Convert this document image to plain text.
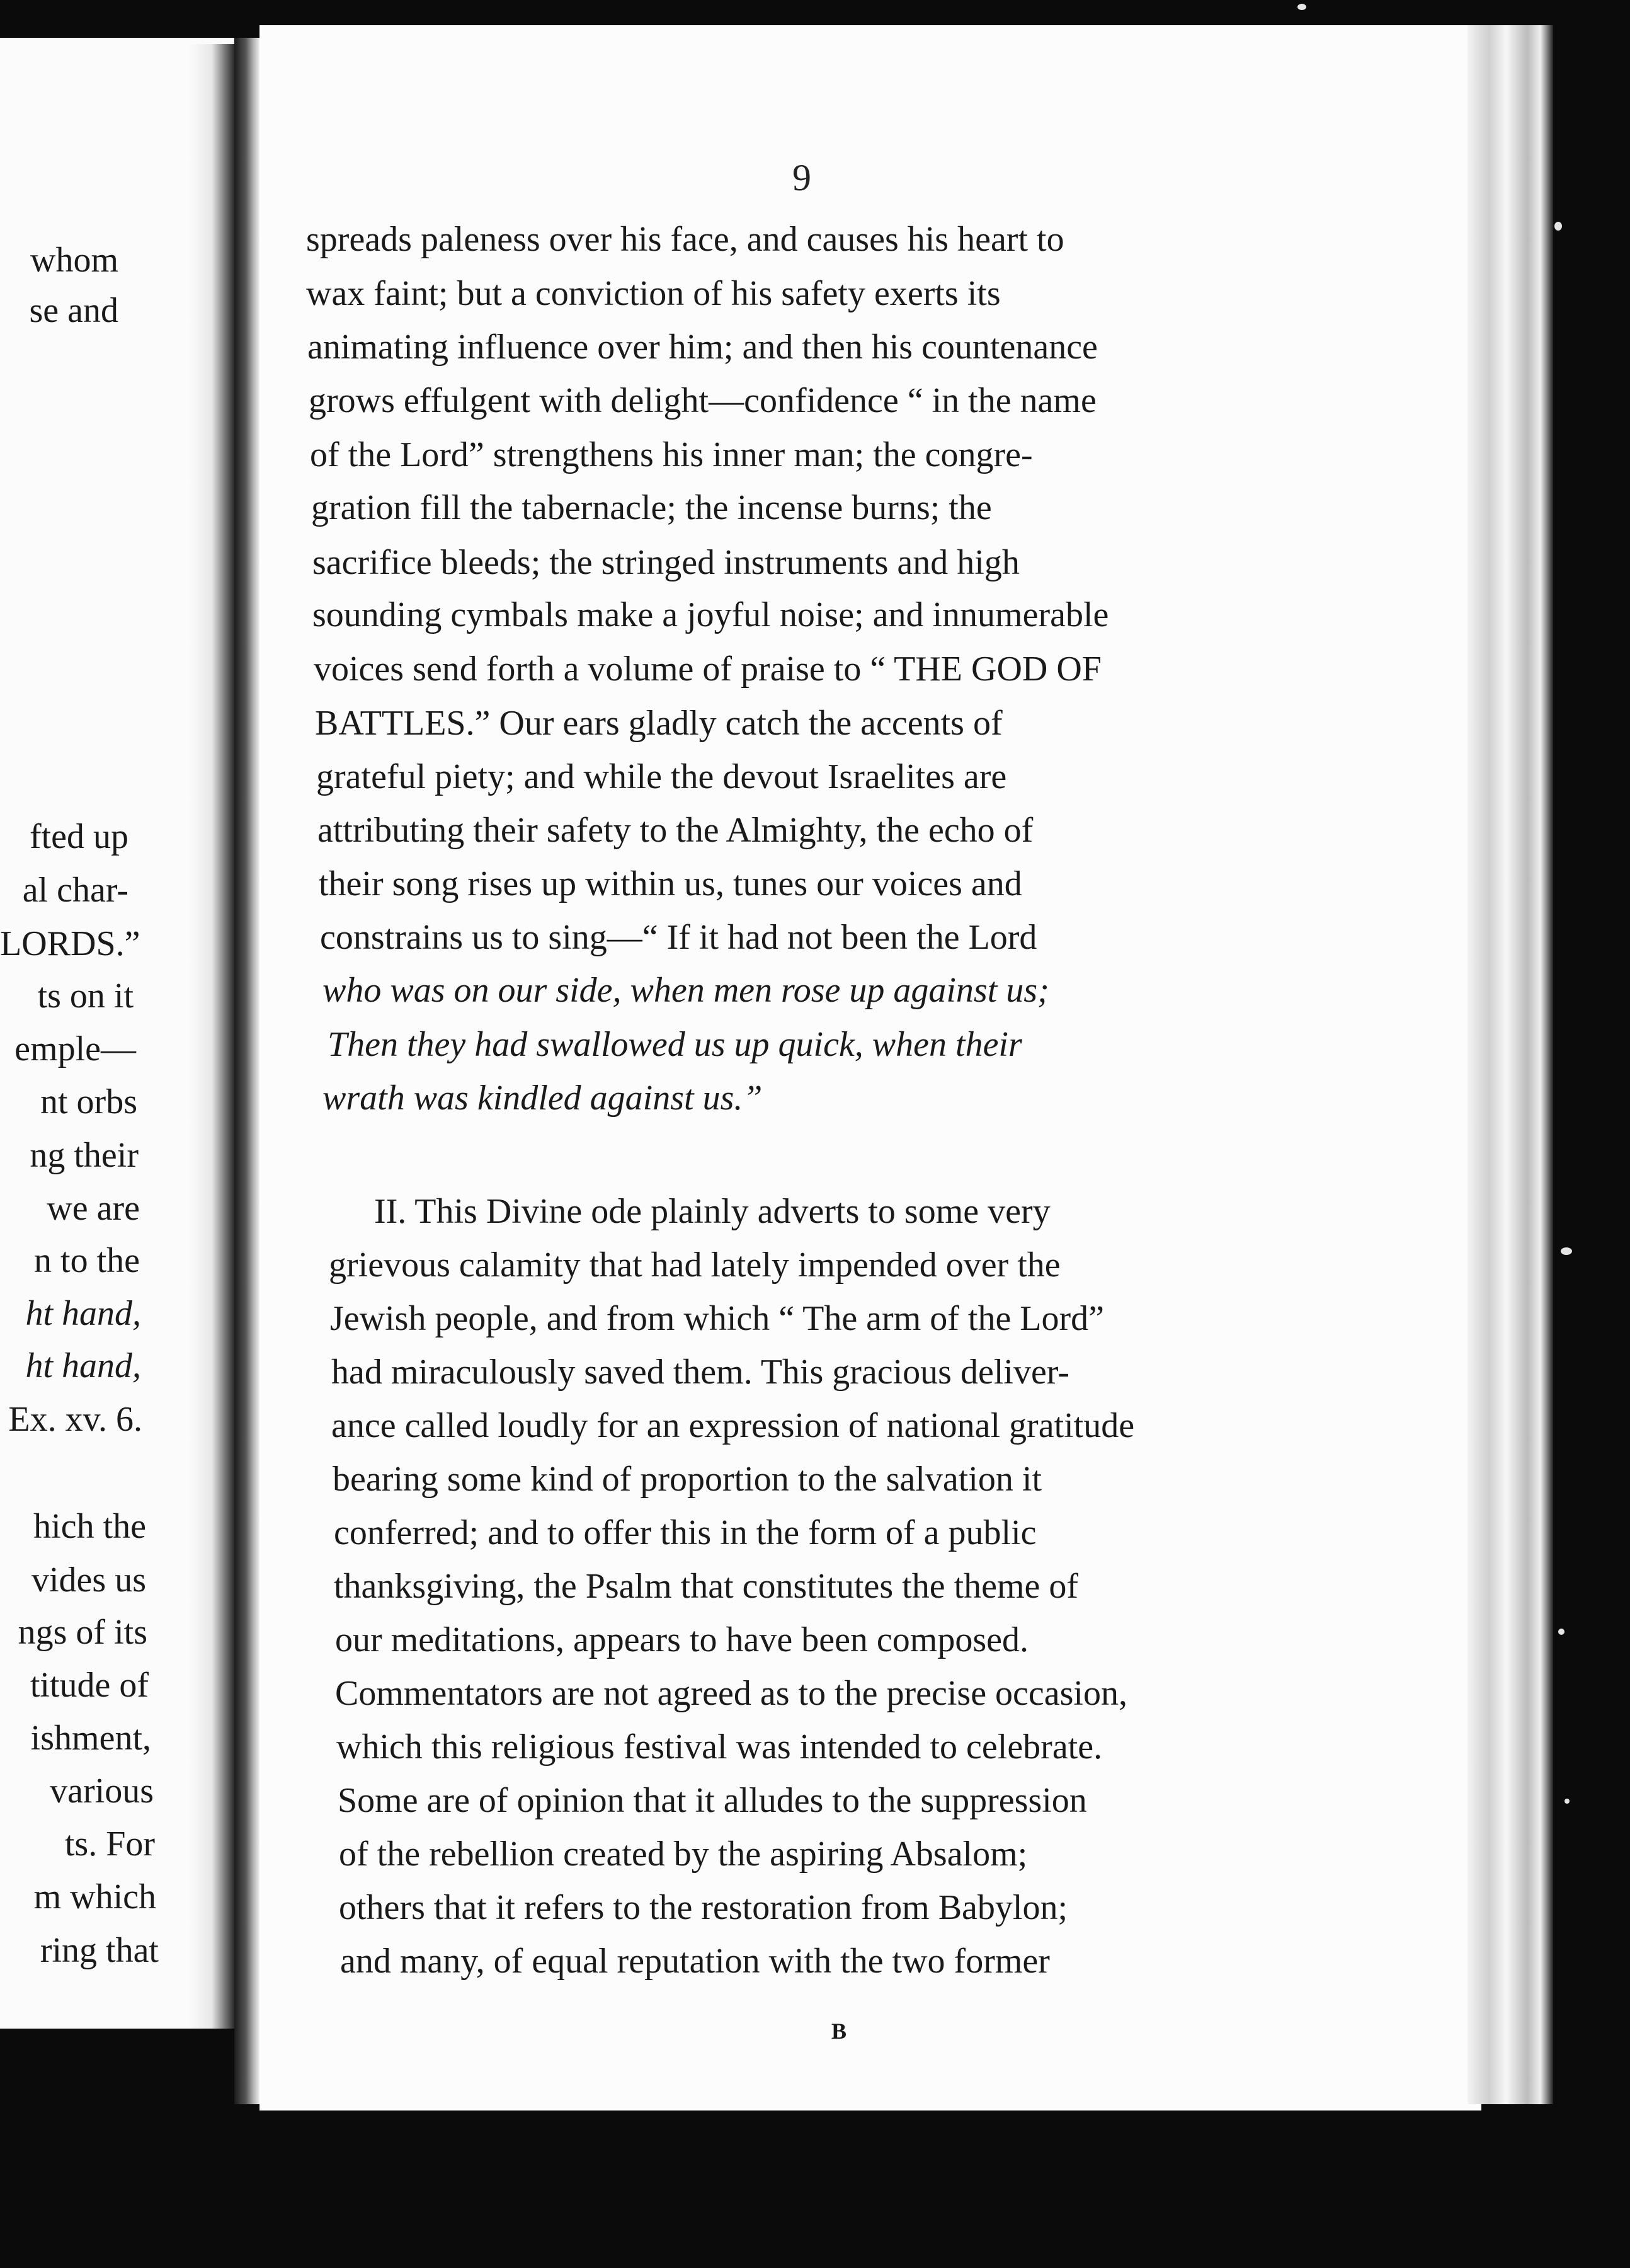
whom
se and
fted up
al char-
LORDS.”
ts on it
emple—
nt orbs
ng their
we are
n to the
ht hand,
ht hand,
Ex. xv. 6.
hich the
vides us
ngs of its
titude of
ishment,
various
ts. For
m which
ring that
9
spreads paleness over his face, and causes his heart to
wax faint; but a conviction of his safety exerts its
animating influence over him; and then his countenance
grows effulgent with delight—confidence “ in the name
of the Lord” strengthens his inner man; the congre-
gration fill the tabernacle; the incense burns; the
sacrifice bleeds; the stringed instruments and high
sounding cymbals make a joyful noise; and innumerable
voices send forth a volume of praise to “ THE GOD OF
BATTLES.” Our ears gladly catch the accents of
grateful piety; and while the devout Israelites are
attributing their safety to the Almighty, the echo of
their song rises up within us, tunes our voices and
constrains us to sing—“ If it had not been the Lord
who was on our side, when men rose up against us;
Then they had swallowed us up quick, when their
wrath was kindled against us.”
II. This Divine ode plainly adverts to some very
grievous calamity that had lately impended over the
Jewish people, and from which “ The arm of the Lord”
had miraculously saved them. This gracious deliver-
ance called loudly for an expression of national gratitude
bearing some kind of proportion to the salvation it
conferred; and to offer this in the form of a public
thanksgiving, the Psalm that constitutes the theme of
our meditations, appears to have been composed.
Commentators are not agreed as to the precise occasion,
which this religious festival was intended to celebrate.
Some are of opinion that it alludes to the suppression
of the rebellion created by the aspiring Absalom;
others that it refers to the restoration from Babylon;
and many, of equal reputation with the two former
B
